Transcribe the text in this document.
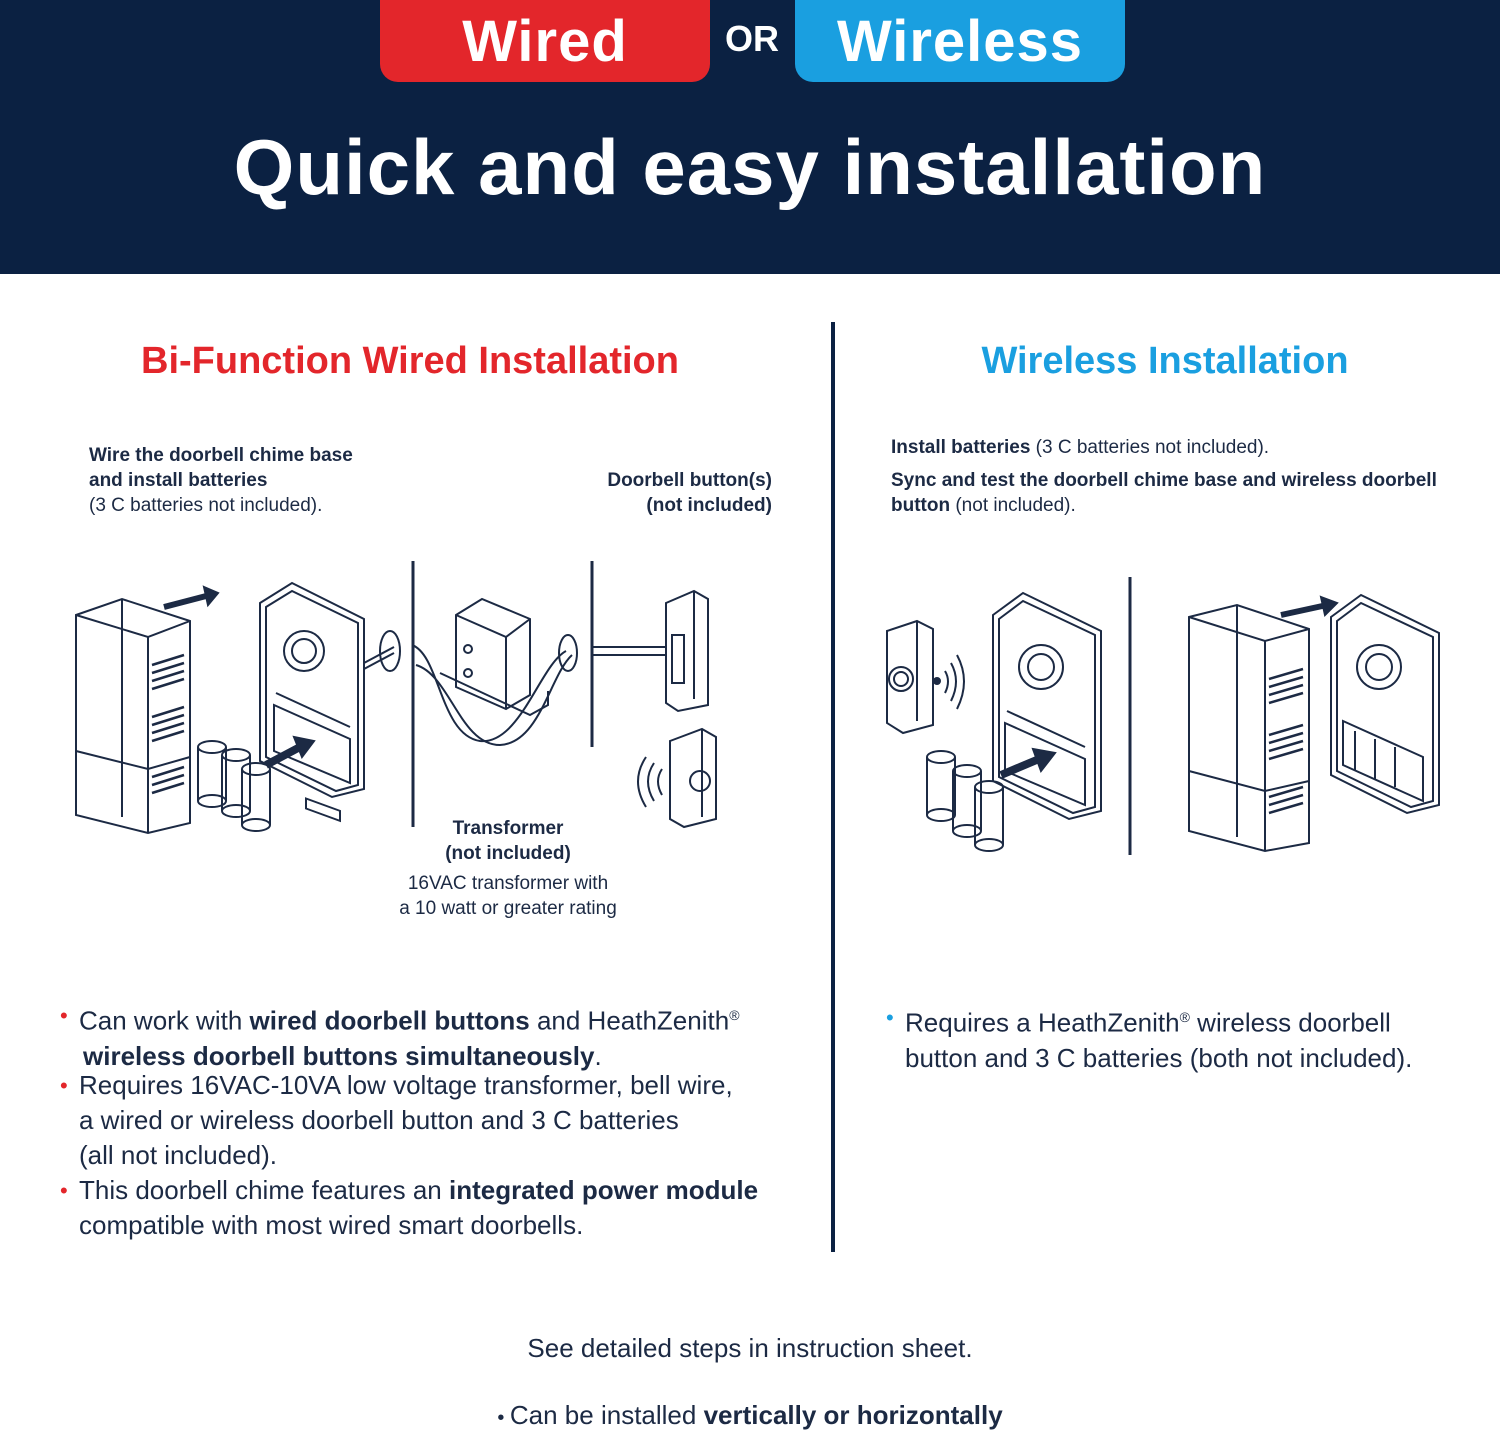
Wired	OR Wireless
Quick and easy installation
Bi-Function Wired Installation
Wire the doorbell chime base
and install batteries
(3 C batteries not included).
Doorbell button(s)
(not included)
Transformer
(not included)
16VAC transformer with
a 10 watt or greater rating
• Can work with wired doorbell buttons and HeathZenith®
wireless doorbell buttons simultaneously.
• Requires 16VAC-10VA low voltage transformer, bell wire,
a wired or wireless doorbell button and 3 C batteries
(all not included).
• This doorbell chime features an integrated power module
compatible with most wired smart doorbells.
Wireless Installation
Install batteries (3 C batteries not included).
Sync and test the doorbell chime base and wireless doorbell
button (not included).
• Requires a HeathZenith® wireless doorbell
button and 3 C batteries (both not included).
See detailed steps in instruction sheet.
• Can be installed vertically or horizontally
